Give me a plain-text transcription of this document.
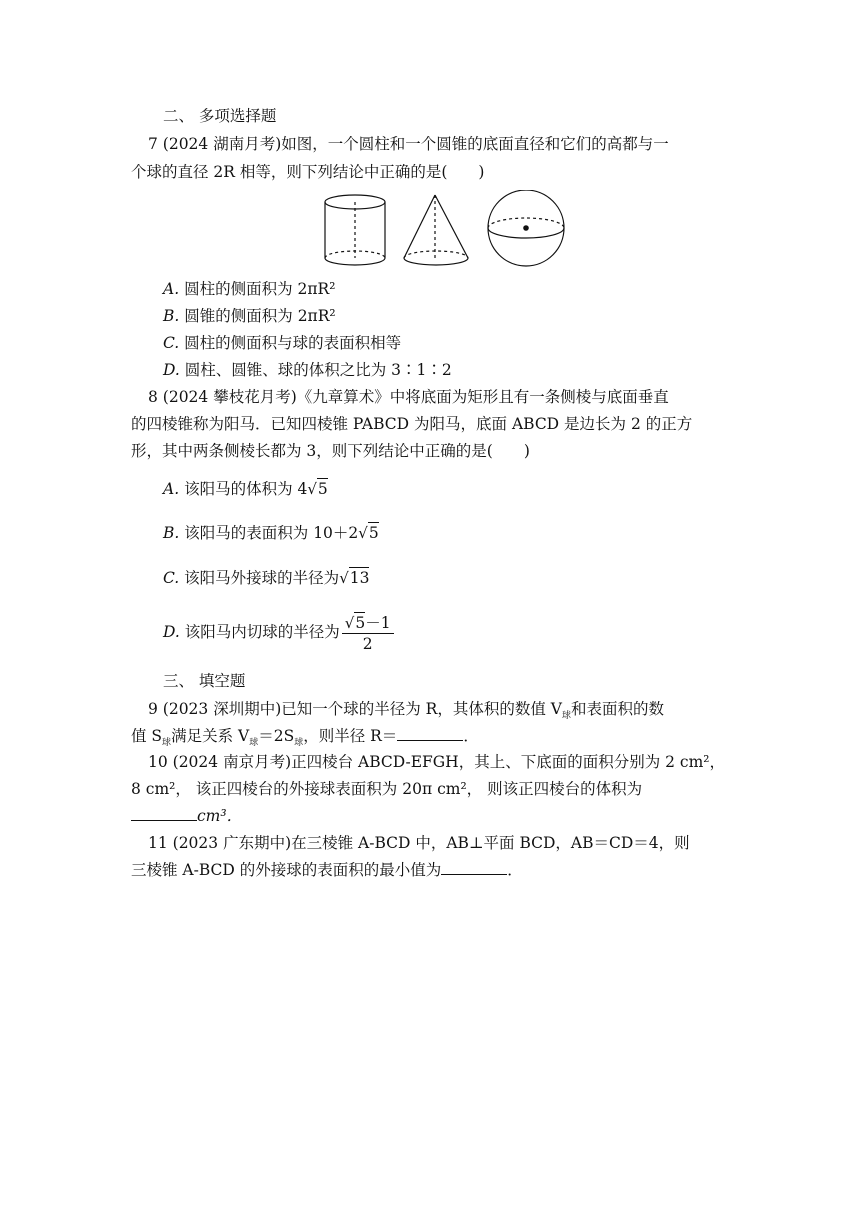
二、 多项选择题
7 (2024 湖南月考)如图，一个圆柱和一个圆锥的底面直径和它们的高都与一
个球的直径 2R 相等，则下列结论中正确的是(　　)
A. 圆柱的侧面积为 2πR²
B. 圆锥的侧面积为 2πR²
C. 圆柱的侧面积与球的表面积相等
D. 圆柱、圆锥、球的体积之比为 3∶1∶2
8 (2024 攀枝花月考)《九章算术》中将底面为矩形且有一条侧棱与底面垂直
的四棱锥称为阳马．已知四棱锥 PABCD 为阳马，底面 ABCD 是边长为 2 的正方
形，其中两条侧棱长都为 3，则下列结论中正确的是(　　)
A. 该阳马的体积为 4√5
B. 该阳马的表面积为 10＋2√5
C. 该阳马外接球的半径为√13
D. 该阳马内切球的半径为 $\frac{√5-1}{2}$
三、 填空题
9 (2023 深圳期中)已知一个球的半径为 R，其体积的数值 $V_球$和表面积的数
值 $S_球$满足关系 $V_球=2S_球$，则半径 R＝	．
10 (2024 南京月考)正四棱台 ABCD-EFGH，其上、下底面的面积分别为 2 cm²，
8 cm²， 该正四棱台的外接球表面积为 20π cm²， 则该正四棱台的体积为
cm³．
11 (2023 广东期中)在三棱锥 A-BCD 中，AB⊥平面 BCD，AB＝CD＝4，则
三棱锥 A-BCD 的外接球的表面积的最小值为	．
